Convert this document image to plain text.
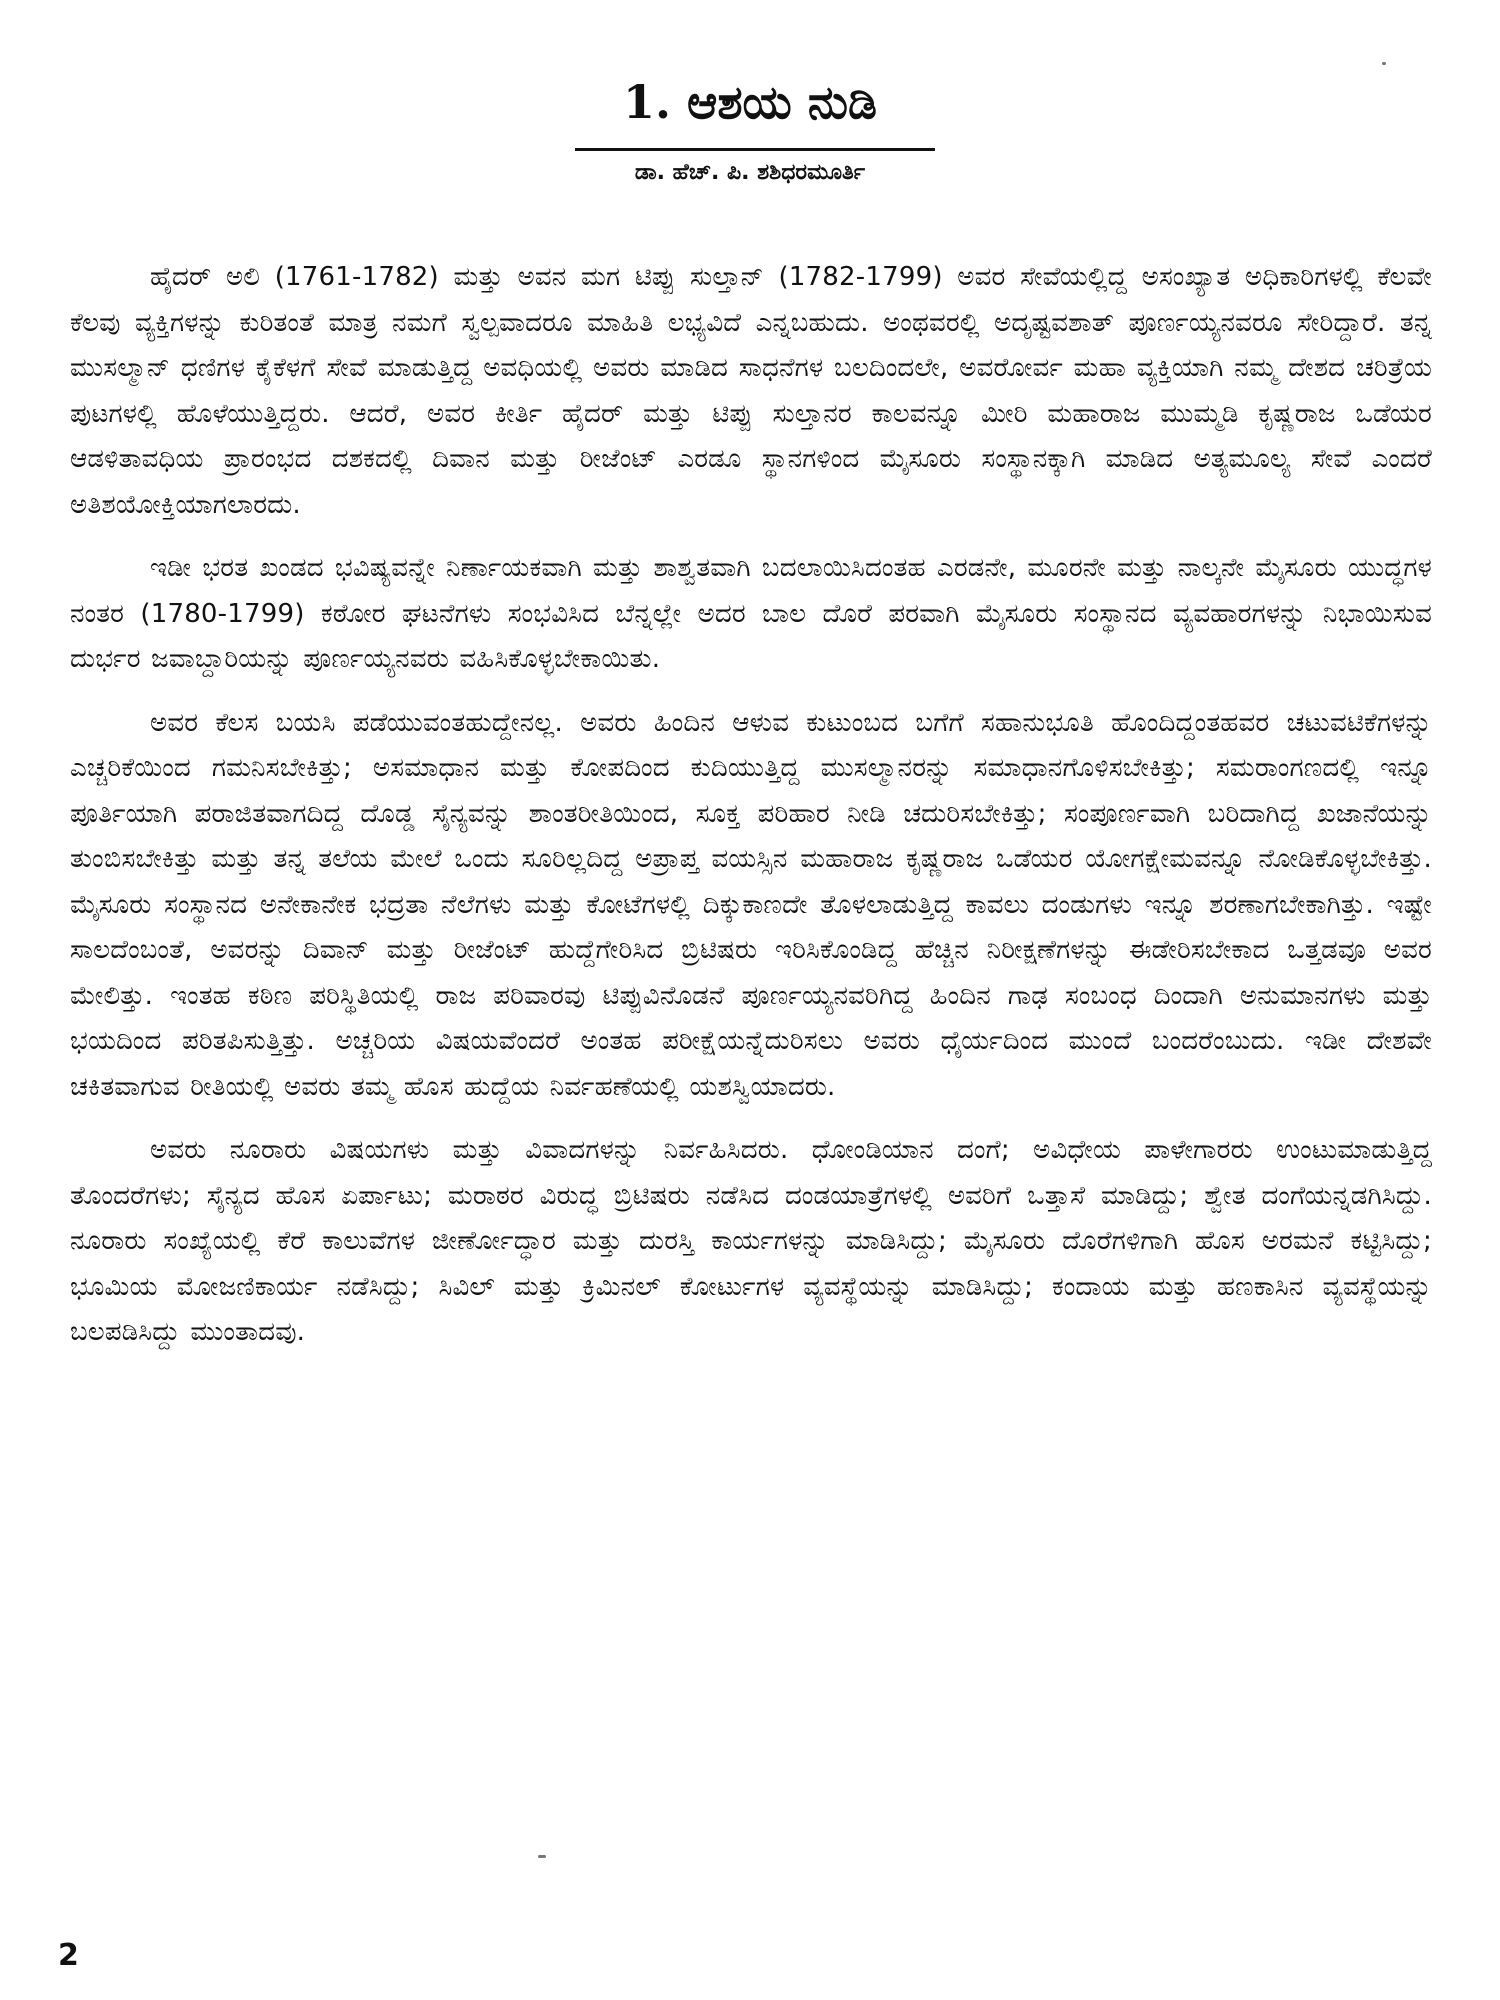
1. ಆಶಯ ನುಡಿ

ಡಾ. ಹೆಚ್. ಪಿ. ಶಶಿಧರಮೂರ್ತಿ

ಹೈದರ್ ಅಲಿ (1761-1782) ಮತ್ತು ಅವನ ಮಗ ಟಿಪ್ಪು ಸುಲ್ತಾನ್ (1782-1799) ಅವರ ಸೇವೆಯಲ್ಲಿದ್ದ ಅಸಂಖ್ಯಾತ ಅಧಿಕಾರಿಗಳಲ್ಲಿ ಕೆಲವೇ ಕೆಲವು ವ್ಯಕ್ತಿಗಳನ್ನು ಕುರಿತಂತೆ ಮಾತ್ರ ನಮಗೆ ಸ್ವಲ್ಪವಾದರೂ ಮಾಹಿತಿ ಲಭ್ಯವಿದೆ ಎನ್ನಬಹುದು. ಅಂಥವರಲ್ಲಿ ಅದೃಷ್ಟವಶಾತ್ ಪೂರ್ಣಯ್ಯನವರೂ ಸೇರಿದ್ದಾರೆ. ತನ್ನ ಮುಸಲ್ಮಾನ್ ಧಣಿಗಳ ಕೈಕೆಳಗೆ ಸೇವೆ ಮಾಡುತ್ತಿದ್ದ ಅವಧಿಯಲ್ಲಿ ಅವರು ಮಾಡಿದ ಸಾಧನೆಗಳ ಬಲದಿಂದಲೇ, ಅವರೋರ್ವ ಮಹಾ ವ್ಯಕ್ತಿಯಾಗಿ ನಮ್ಮ ದೇಶದ ಚರಿತ್ರೆಯ ಪುಟಗಳಲ್ಲಿ ಹೊಳೆಯುತ್ತಿದ್ದರು. ಆದರೆ, ಅವರ ಕೀರ್ತಿ ಹೈದರ್ ಮತ್ತು ಟಿಪ್ಪು ಸುಲ್ತಾನರ ಕಾಲವನ್ನೂ ಮೀರಿ ಮಹಾರಾಜ ಮುಮ್ಮಡಿ ಕೃಷ್ಣರಾಜ ಒಡೆಯರ ಆಡಳಿತಾವಧಿಯ ಪ್ರಾರಂಭದ ದಶಕದಲ್ಲಿ ದಿವಾನ ಮತ್ತು ರೀಜೆಂಟ್ ಎರಡೂ ಸ್ಥಾನಗಳಿಂದ ಮೈಸೂರು ಸಂಸ್ಥಾನಕ್ಕಾಗಿ ಮಾಡಿದ ಅತ್ಯಮೂಲ್ಯ ಸೇವೆ ಎಂದರೆ ಅತಿಶಯೋಕ್ತಿಯಾಗಲಾರದು.

ಇಡೀ ಭರತ ಖಂಡದ ಭವಿಷ್ಯವನ್ನೇ ನಿರ್ಣಾಯಕವಾಗಿ ಮತ್ತು ಶಾಶ್ವತವಾಗಿ ಬದಲಾಯಿಸಿದಂತಹ ಎರಡನೇ, ಮೂರನೇ ಮತ್ತು ನಾಲ್ಕನೇ ಮೈಸೂರು ಯುದ್ಧಗಳ ನಂತರ (1780-1799) ಕಠೋರ ಘಟನೆಗಳು ಸಂಭವಿಸಿದ ಬೆನ್ನಲ್ಲೇ ಅದರ ಬಾಲ ದೊರೆ ಪರವಾಗಿ ಮೈಸೂರು ಸಂಸ್ಥಾನದ ವ್ಯವಹಾರಗಳನ್ನು ನಿಭಾಯಿಸುವ ದುರ್ಭರ ಜವಾಬ್ದಾರಿಯನ್ನು ಪೂರ್ಣಯ್ಯನವರು ವಹಿಸಿಕೊಳ್ಳಬೇಕಾಯಿತು.

ಅವರ ಕೆಲಸ ಬಯಸಿ ಪಡೆಯುವಂತಹುದ್ದೇನಲ್ಲ. ಅವರು ಹಿಂದಿನ ಆಳುವ ಕುಟುಂಬದ ಬಗೆಗೆ ಸಹಾನುಭೂತಿ ಹೊಂದಿದ್ದಂತಹವರ ಚಟುವಟಿಕೆಗಳನ್ನು ಎಚ್ಚರಿಕೆಯಿಂದ ಗಮನಿಸಬೇಕಿತ್ತು; ಅಸಮಾಧಾನ ಮತ್ತು ಕೋಪದಿಂದ ಕುದಿಯುತ್ತಿದ್ದ ಮುಸಲ್ಮಾನರನ್ನು ಸಮಾಧಾನಗೊಳಿಸಬೇಕಿತ್ತು; ಸಮರಾಂಗಣದಲ್ಲಿ ಇನ್ನೂ ಪೂರ್ತಿಯಾಗಿ ಪರಾಜಿತವಾಗದಿದ್ದ ದೊಡ್ಡ ಸೈನ್ಯವನ್ನು ಶಾಂತರೀತಿಯಿಂದ, ಸೂಕ್ತ ಪರಿಹಾರ ನೀಡಿ ಚದುರಿಸಬೇಕಿತ್ತು; ಸಂಪೂರ್ಣವಾಗಿ ಬರಿದಾಗಿದ್ದ ಖಜಾನೆಯನ್ನು ತುಂಬಿಸಬೇಕಿತ್ತು ಮತ್ತು ತನ್ನ ತಲೆಯ ಮೇಲೆ ಒಂದು ಸೂರಿಲ್ಲದಿದ್ದ ಅಪ್ರಾಪ್ತ ವಯಸ್ಸಿನ ಮಹಾರಾಜ ಕೃಷ್ಣರಾಜ ಒಡೆಯರ ಯೋಗಕ್ಷೇಮವನ್ನೂ ನೋಡಿಕೊಳ್ಳಬೇಕಿತ್ತು. ಮೈಸೂರು ಸಂಸ್ಥಾನದ ಅನೇಕಾನೇಕ ಭದ್ರತಾ ನೆಲೆಗಳು ಮತ್ತು ಕೋಟೆಗಳಲ್ಲಿ ದಿಕ್ಕುಕಾಣದೇ ತೊಳಲಾಡುತ್ತಿದ್ದ ಕಾವಲು ದಂಡುಗಳು ಇನ್ನೂ ಶರಣಾಗಬೇಕಾಗಿತ್ತು. ಇಷ್ಟೇ ಸಾಲದೆಂಬಂತೆ, ಅವರನ್ನು ದಿವಾನ್ ಮತ್ತು ರೀಜೆಂಟ್ ಹುದ್ದೆಗೇರಿಸಿದ ಬ್ರಿಟಿಷರು ಇರಿಸಿಕೊಂಡಿದ್ದ ಹೆಚ್ಚಿನ ನಿರೀಕ್ಷಣೆಗಳನ್ನು ಈಡೇರಿಸಬೇಕಾದ ಒತ್ತಡವೂ ಅವರ ಮೇಲಿತ್ತು. ಇಂತಹ ಕಠಿಣ ಪರಿಸ್ಥಿತಿಯಲ್ಲಿ ರಾಜ ಪರಿವಾರವು ಟಿಪ್ಪುವಿನೊಡನೆ ಪೂರ್ಣಯ್ಯನವರಿಗಿದ್ದ ಹಿಂದಿನ ಗಾಢ ಸಂಬಂಧ ದಿಂದಾಗಿ ಅನುಮಾನಗಳು ಮತ್ತು ಭಯದಿಂದ ಪರಿತಪಿಸುತ್ತಿತ್ತು. ಅಚ್ಚರಿಯ ವಿಷಯವೆಂದರೆ ಅಂತಹ ಪರೀಕ್ಷೆಯನ್ನೆದುರಿಸಲು ಅವರು ಧೈರ್ಯದಿಂದ ಮುಂದೆ ಬಂದರೆಂಬುದು. ಇಡೀ ದೇಶವೇ ಚಕಿತವಾಗುವ ರೀತಿಯಲ್ಲಿ ಅವರು ತಮ್ಮ ಹೊಸ ಹುದ್ದೆಯ ನಿರ್ವಹಣೆಯಲ್ಲಿ ಯಶಸ್ವಿಯಾದರು.

ಅವರು ನೂರಾರು ವಿಷಯಗಳು ಮತ್ತು ವಿವಾದಗಳನ್ನು ನಿರ್ವಹಿಸಿದರು. ಧೋಂಡಿಯಾನ ದಂಗೆ; ಅವಿಧೇಯ ಪಾಳೇಗಾರರು ಉಂಟುಮಾಡುತ್ತಿದ್ದ ತೊಂದರೆಗಳು; ಸೈನ್ಯದ ಹೊಸ ಏರ್ಪಾಟು; ಮರಾಠರ ವಿರುದ್ಧ ಬ್ರಿಟಿಷರು ನಡೆಸಿದ ದಂಡಯಾತ್ರೆಗಳಲ್ಲಿ ಅವರಿಗೆ ಒತ್ತಾಸೆ ಮಾಡಿದ್ದು; ಶ್ವೇತ ದಂಗೆಯನ್ನಡಗಿಸಿದ್ದು. ನೂರಾರು ಸಂಖ್ಯೆಯಲ್ಲಿ ಕೆರೆ ಕಾಲುವೆಗಳ ಜೀರ್ಣೋದ್ಧಾರ ಮತ್ತು ದುರಸ್ತಿ ಕಾರ್ಯಗಳನ್ನು ಮಾಡಿಸಿದ್ದು; ಮೈಸೂರು ದೊರೆಗಳಿಗಾಗಿ ಹೊಸ ಅರಮನೆ ಕಟ್ಟಿಸಿದ್ದು; ಭೂಮಿಯ ಮೋಜಣಿಕಾರ್ಯ ನಡೆಸಿದ್ದು; ಸಿವಿಲ್ ಮತ್ತು ಕ್ರಿಮಿನಲ್ ಕೋರ್ಟುಗಳ ವ್ಯವಸ್ಥೆಯನ್ನು ಮಾಡಿಸಿದ್ದು; ಕಂದಾಯ ಮತ್ತು ಹಣಕಾಸಿನ ವ್ಯವಸ್ಥೆಯನ್ನು ಬಲಪಡಿಸಿದ್ದು ಮುಂತಾದವು.

2
